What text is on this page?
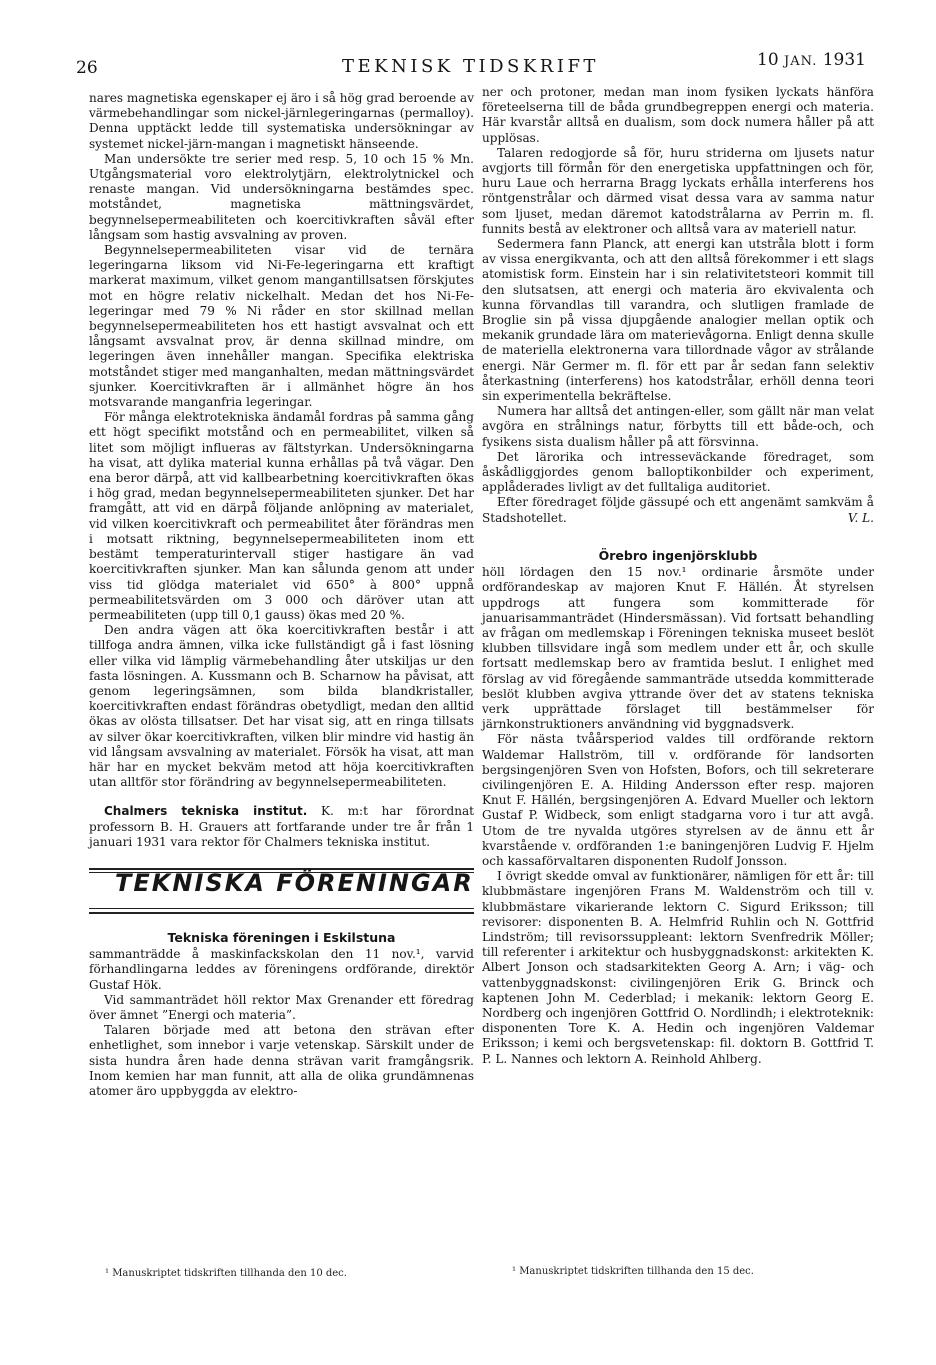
26	TEKNISK TIDSKRIFT	10 JAN. 1931

nares magnetiska egenskaper ej äro i så hög grad beroende av värmebehandlingar som nickel-järnlegeringarnas (permalloy). Denna upptäckt ledde till systematiska undersökningar av systemet nickel-järn-mangan i magnetiskt hänseende.

Man undersökte tre serier med resp. 5, 10 och 15 % Mn. Utgångsmaterial voro elektrolytjärn, elektrolytnickel och renaste mangan. Vid undersökningarna bestämdes spec. motståndet, magnetiska mättningsvärdet, begynnelsepermeabiliteten och koercitivkraften såväl efter långsam som hastig avsvalning av proven.

Begynnelsepermeabiliteten visar vid de ternära legeringarna liksom vid Ni-Fe-legeringarna ett kraftigt markerat maximum, vilket genom mangantillsatsen förskjutes mot en högre relativ nickelhalt. Medan det hos Ni-Fe-legeringar med 79 % Ni råder en stor skillnad mellan begynnelsepermeabiliteten hos ett hastigt avsvalnat och ett långsamt avsvalnat prov, är denna skillnad mindre, om legeringen även innehåller mangan. Specifika elektriska motståndet stiger med manganhalten, medan mättningsvärdet sjunker. Koercitivkraften är i allmänhet högre än hos motsvarande manganfria legeringar.

För många elektrotekniska ändamål fordras på samma gång ett högt specifikt motstånd och en permeabilitet, vilken så litet som möjligt influeras av fältstyrkan. Undersökningarna ha visat, att dylika material kunna erhållas på två vägar. Den ena beror därpå, att vid kallbearbetning koercitivkraften ökas i hög grad, medan begynnelsepermeabiliteten sjunker. Det har framgått, att vid en därpå följande anlöpning av materialet, vid vilken koercitivkraft och permeabilitet åter förändras men i motsatt riktning, begynnelsepermeabiliteten inom ett bestämt temperaturintervall stiger hastigare än vad koercitivkraften sjunker. Man kan sålunda genom att under viss tid glödga materialet vid 650° à 800° uppnå permeabilitetsvärden om 3 000 och däröver utan att permeabiliteten (upp till 0,1 gauss) ökas med 20 %.

Den andra vägen att öka koercitivkraften består i att tillfoga andra ämnen, vilka icke fullständigt gå i fast lösning eller vilka vid lämplig värmebehandling åter utskiljas ur den fasta lösningen. A. Kussmann och B. Scharnow ha påvisat, att genom legeringsämnen, som bilda blandkristaller, koercitivkraften endast förändras obetydligt, medan den alltid ökas av olösta tillsatser. Det har visat sig, att en ringa tillsats av silver ökar koercitivkraften, vilken blir mindre vid hastig än vid långsam avsvalning av materialet. Försök ha visat, att man här har en mycket bekväm metod att höja koercitivkraften utan alltför stor förändring av begynnelsepermeabiliteten.

Chalmers tekniska institut. K. m:t har förordnat professorn B. H. Grauers att fortfarande under tre år från 1 januari 1931 vara rektor för Chalmers tekniska institut.

TEKNISKA FÖRENINGAR
Tekniska föreningen i Eskilstuna

sammanträdde å maskinfackskolan den 11 nov.¹, varvid förhandlingarna leddes av föreningens ordförande, direktör Gustaf Hök.

Vid sammanträdet höll rektor Max Grenander ett föredrag över ämnet ”Energi och materia”.

Talaren började med att betona den strävan efter enhetlighet, som innebor i varje vetenskap. Särskilt under de sista hundra åren hade denna strävan varit framgångsrik. Inom kemien har man funnit, att alla de olika grundämnenas atomer äro uppbyggda av elektro-

ner och protoner, medan man inom fysiken lyckats hänföra företeelserna till de båda grundbegreppen energi och materia. Här kvarstår alltså en dualism, som dock numera håller på att upplösas.

Talaren redogjorde så för, huru striderna om ljusets natur avgjorts till förmån för den energetiska uppfattningen och för, huru Laue och herrarna Bragg lyckats erhålla interferens hos röntgenstrålar och därmed visat dessa vara av samma natur som ljuset, medan däremot katodstrålarna av Perrin m. fl. funnits bestå av elektroner och alltså vara av materiell natur.

Sedermera fann Planck, att energi kan utstråla blott i form av vissa energikvanta, och att den alltså förekommer i ett slags atomistisk form. Einstein har i sin relativitetsteori kommit till den slutsatsen, att energi och materia äro ekvivalenta och kunna förvandlas till varandra, och slutligen framlade de Broglie sin på vissa djupgående analogier mellan optik och mekanik grundade lära om materievågorna. Enligt denna skulle de materiella elektronerna vara tillordnade vågor av strålande energi. När Germer m. fl. för ett par år sedan fann selektiv återkastning (interferens) hos katodstrålar, erhöll denna teori sin experimentella bekräftelse.

Numera har alltså det antingen-eller, som gällt när man velat avgöra en strålnings natur, förbytts till ett både-och, och fysikens sista dualism håller på att försvinna.

Det lärorika och intresseväckande föredraget, som åskådliggjordes genom balloptikonbilder och experiment, applåderades livligt av det fulltaliga auditoriet.

Efter föredraget följde gässupé och ett angenämt samkväm å Stadshotellet.	V. L.

Örebro ingenjörsklubb

höll lördagen den 15 nov.¹ ordinarie årsmöte under ordförandeskap av majoren Knut F. Hällén. Åt styrelsen uppdrogs att fungera som kommitterade för januarisammanträdet (Hindersmässan). Vid fortsatt behandling av frågan om medlemskap i Föreningen tekniska museet beslöt klubben tillsvidare ingå som medlem under ett år, och skulle fortsatt medlemskap bero av framtida beslut. I enlighet med förslag av vid föregående sammanträde utsedda kommitterade beslöt klubben avgiva yttrande över det av statens tekniska verk upprättade förslaget till bestämmelser för järnkonstruktioners användning vid byggnadsverk.

För nästa tvåårsperiod valdes till ordförande rektorn Waldemar Hallström, till v. ordförande för landsorten bergsingenjören Sven von Hofsten, Bofors, och till sekreterare civilingenjören E. A. Hilding Andersson efter resp. majoren Knut F. Hällén, bergsingenjören A. Edvard Mueller och lektorn Gustaf P. Widbeck, som enligt stadgarna voro i tur att avgå. Utom de tre nyvalda utgöres styrelsen av de ännu ett år kvarstående v. ordföranden 1:e baningenjören Ludvig F. Hjelm och kassaförvaltaren disponenten Rudolf Jonsson.

I övrigt skedde omval av funktionärer, nämligen för ett år: till klubbmästare ingenjören Frans M. Waldenström och till v. klubbmästare vikarierande lektorn C. Sigurd Eriksson; till revisorer: disponenten B. A. Helmfrid Ruhlin och N. Gottfrid Lindström; till revisorssuppleant: lektorn Svenfredrik Möller; till referenter i arkitektur och husbyggnadskonst: arkitekten K. Albert Jonson och stadsarkitekten Georg A. Arn; i väg- och vattenbyggnadskonst: civilingenjören Erik G. Brinck och kaptenen John M. Cederblad; i mekanik: lektorn Georg E. Nordberg och ingenjören Gottfrid O. Nordlindh; i elektroteknik: disponenten Tore K. A. Hedin och ingenjören Valdemar Eriksson; i kemi och bergsvetenskap: fil. doktorn B. Gottfrid T. P. L. Nannes och lektorn A. Reinhold Ahlberg.

¹ Manuskriptet tidskriften tillhanda den 10 dec.	¹ Manuskriptet tidskriften tillhanda den 15 dec.
